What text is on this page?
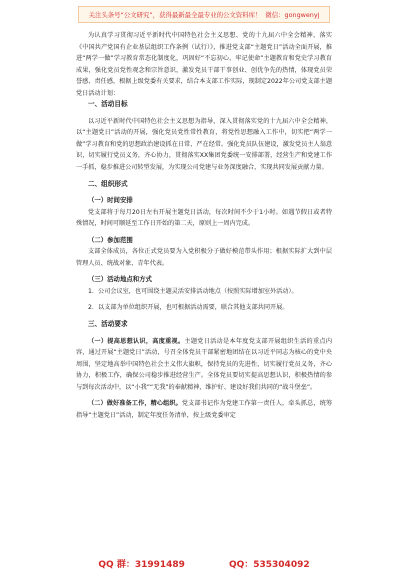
关注头条号“公文研究”，获得最新最全最专业的公文资料库！ 微信：gongwenyj

为认真学习贯彻习近平新时代中国特色社会主义思想、党的十九届六中全会精神、落实《中国共产党国有企业基层组织工作条例（试行）》，推进党支部“主题党日”活动全面开展，推进“两学一做”学习教育常态化制度化，巩固好“不忘初心、牢记使命”主题教育和党史学习教育成果，强化党员党性观念和宗旨意识，激发党员干部干事创业、创优争先的热情，体现党员荣誉感、责任感，根据上级党委有关要求，结合本支部工作实际，现制定2022年公司党支部主题党日活动计划：

一、活动目标

以习近平新时代中国特色社会主义思想为指导，深入贯彻落实党的十九届六中全会精神，以“主题党日”活动的开展，强化党员党性常性教育，将党性思想融入工作中，切实把“两学一做”学习教育和党的思想政治建设抓在日常、严在经常。强化党员队伍建设，激发党员主人翁意识，切实履行党员义务，齐心协力，贯彻落实XX集团党委统一安排部署，经营生产和党建工作一手抓，稳步推进公司转型发展，为实现公司党建与业务深度融合，实现共同发展贡献力量。

二、组织形式
（一）时间安排

党支部将于每月20日左右开展主题党日活动，每次时间不少于1小时。如遇节假日或者特殊情况，时间可顺延至工作日开始的第二天，原则上一周内完成。

（二）参加范围

支部全体成员，各位正式党员要为入党积极分子做好模范带头作用；根据实际扩大到中层管理人员、统战对象、青年代表。

（三）活动地点和方式

1．公司会议室，也可围绕主题灵活安排活动地点（按照实际增加室外活动）。

2．以支部为单位组织开展，也可根据活动需要，联合其他支部共同开展。

三、活动要求

（一）提高思想认识，高度重视。主题党日活动是本年度党支部开展组织生活的重点内容，通过开展“主题党日”活动，号召全体党员干部紧密地团结在以习近平同志为核心的党中央周围，坚定地高举中国特色社会主义伟大旗帜，保持党员的先进性，切实履行党员义务，齐心协力，积极工作，确保公司稳步推进经营生产。全体党员要切实提高思想认识，积极热情的参与到每次活动中，以“小我”“无我”的奉献精神，维护好、建设好我们共同的“战斗堡垒”。

（二）做好准备工作，精心组织。党支部书记作为党建工作第一责任人，牵头抓总，统筹指导“主题党日”活动，制定年度任务清单，按上级党委审定

QQ 群：31991489	QQ：535304092
